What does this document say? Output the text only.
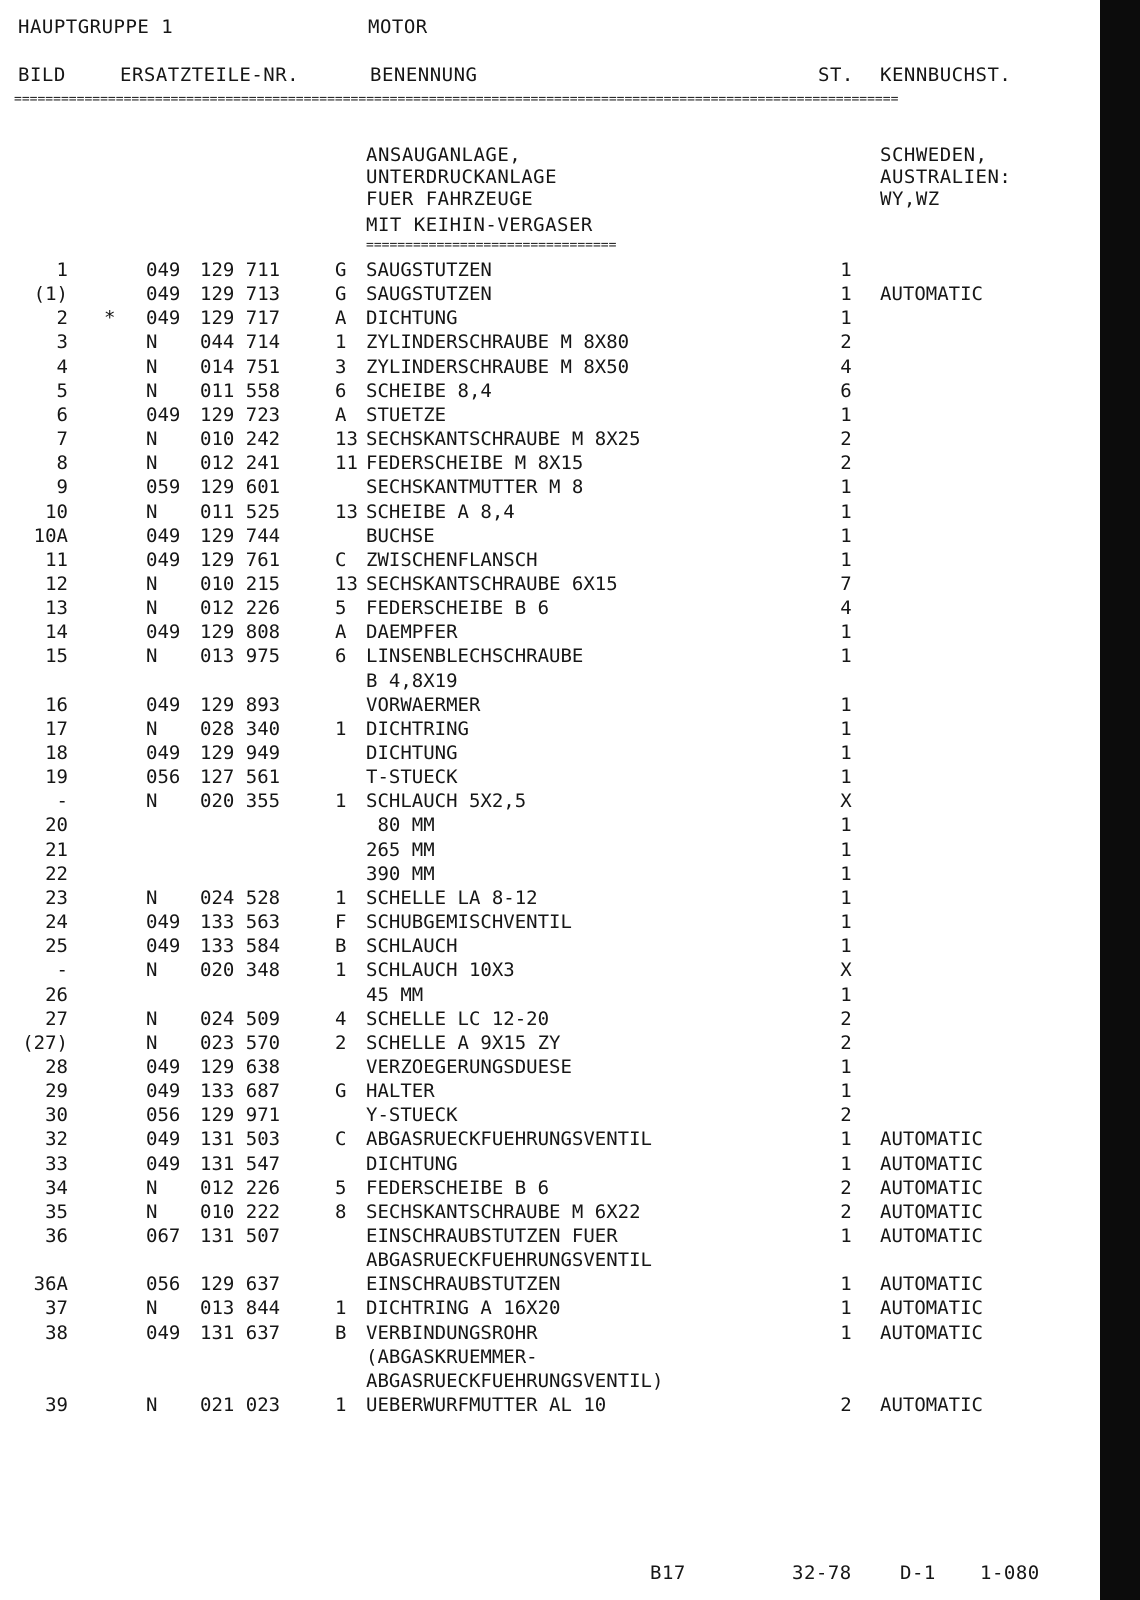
HAUPTGRUPPE 1	MOTOR
BILD	ERSATZTEILE-NR.	BENENNUNG	ST. KENNBUCHST.
=================================================================================================================
ANSAUGANLAGE,
UNTERDRUCKANLAGE
FUER FAHRZEUGE
MIT KEIHIN-VERGASER
================================
SCHWEDEN,
AUSTRALIEN:
WY,WZ
1	049 129 711	G SAUGSTUTZEN	1
(1)	049 129 713	G SAUGSTUTZEN	1 AUTOMATIC
2 * 049 129 717	A DICHTUNG	1
3	N 044 714	1 ZYLINDERSCHRAUBE M 8X80	2
4	N 014 751	3 ZYLINDERSCHRAUBE M 8X50	4
5	N 011 558	6 SCHEIBE 8,4	6
6	049 129 723	A STUETZE	1
7	N 010 242	13 SECHSKANTSCHRAUBE M 8X25	2
8	N 012 241	11 FEDERSCHEIBE M 8X15	2
9	059 129 601	SECHSKANTMUTTER M 8	1
10	N 011 525	13 SCHEIBE A 8,4	1
10A	049 129 744	BUCHSE	1
11	049 129 761	C ZWISCHENFLANSCH	1
12	N 010 215	13 SECHSKANTSCHRAUBE 6X15	7
13	N 012 226	5 FEDERSCHEIBE B 6	4
14	049 129 808	A DAEMPFER	1
15	N 013 975	6 LINSENBLECHSCHRAUBE	1
B 4,8X19
16	049 129 893	VORWAERMER	1
17	N 028 340	1 DICHTRING	1
18	049 129 949	DICHTUNG	1
19	056 127 561	T-STUECK	1
-	N 020 355	1 SCHLAUCH 5X2,5	X
20	80 MM	1
21	265 MM	1
22	390 MM	1
23	N 024 528	1 SCHELLE LA 8-12	1
24	049 133 563	F SCHUBGEMISCHVENTIL	1
25	049 133 584	B SCHLAUCH	1
-	N 020 348	1 SCHLAUCH 10X3	X
26	45 MM	1
27	N 024 509	4 SCHELLE LC 12-20	2
(27)	N 023 570	2 SCHELLE A 9X15 ZY	2
28	049 129 638	VERZOEGERUNGSDUESE	1
29	049 133 687	G HALTER	1
30	056 129 971	Y-STUECK	2
32	049 131 503	C ABGASRUECKFUEHRUNGSVENTIL	1 AUTOMATIC
33	049 131 547	DICHTUNG	1 AUTOMATIC
34	N 012 226	5 FEDERSCHEIBE B 6	2 AUTOMATIC
35	N 010 222	8 SECHSKANTSCHRAUBE M 6X22	2 AUTOMATIC
36	067 131 507	EINSCHRAUBSTUTZEN FUER	1 AUTOMATIC
ABGASRUECKFUEHRUNGSVENTIL
36A	056 129 637	EINSCHRAUBSTUTZEN	1 AUTOMATIC
37	N 013 844	1 DICHTRING A 16X20	1 AUTOMATIC
38	049 131 637	B VERBINDUNGSROHR	1 AUTOMATIC
(ABGASKRUEMMER-
ABGASRUECKFUEHRUNGSVENTIL)
39	N 021 023	1 UEBERWURFMUTTER AL 10	2 AUTOMATIC
B17	32-78	D-1 1-080
